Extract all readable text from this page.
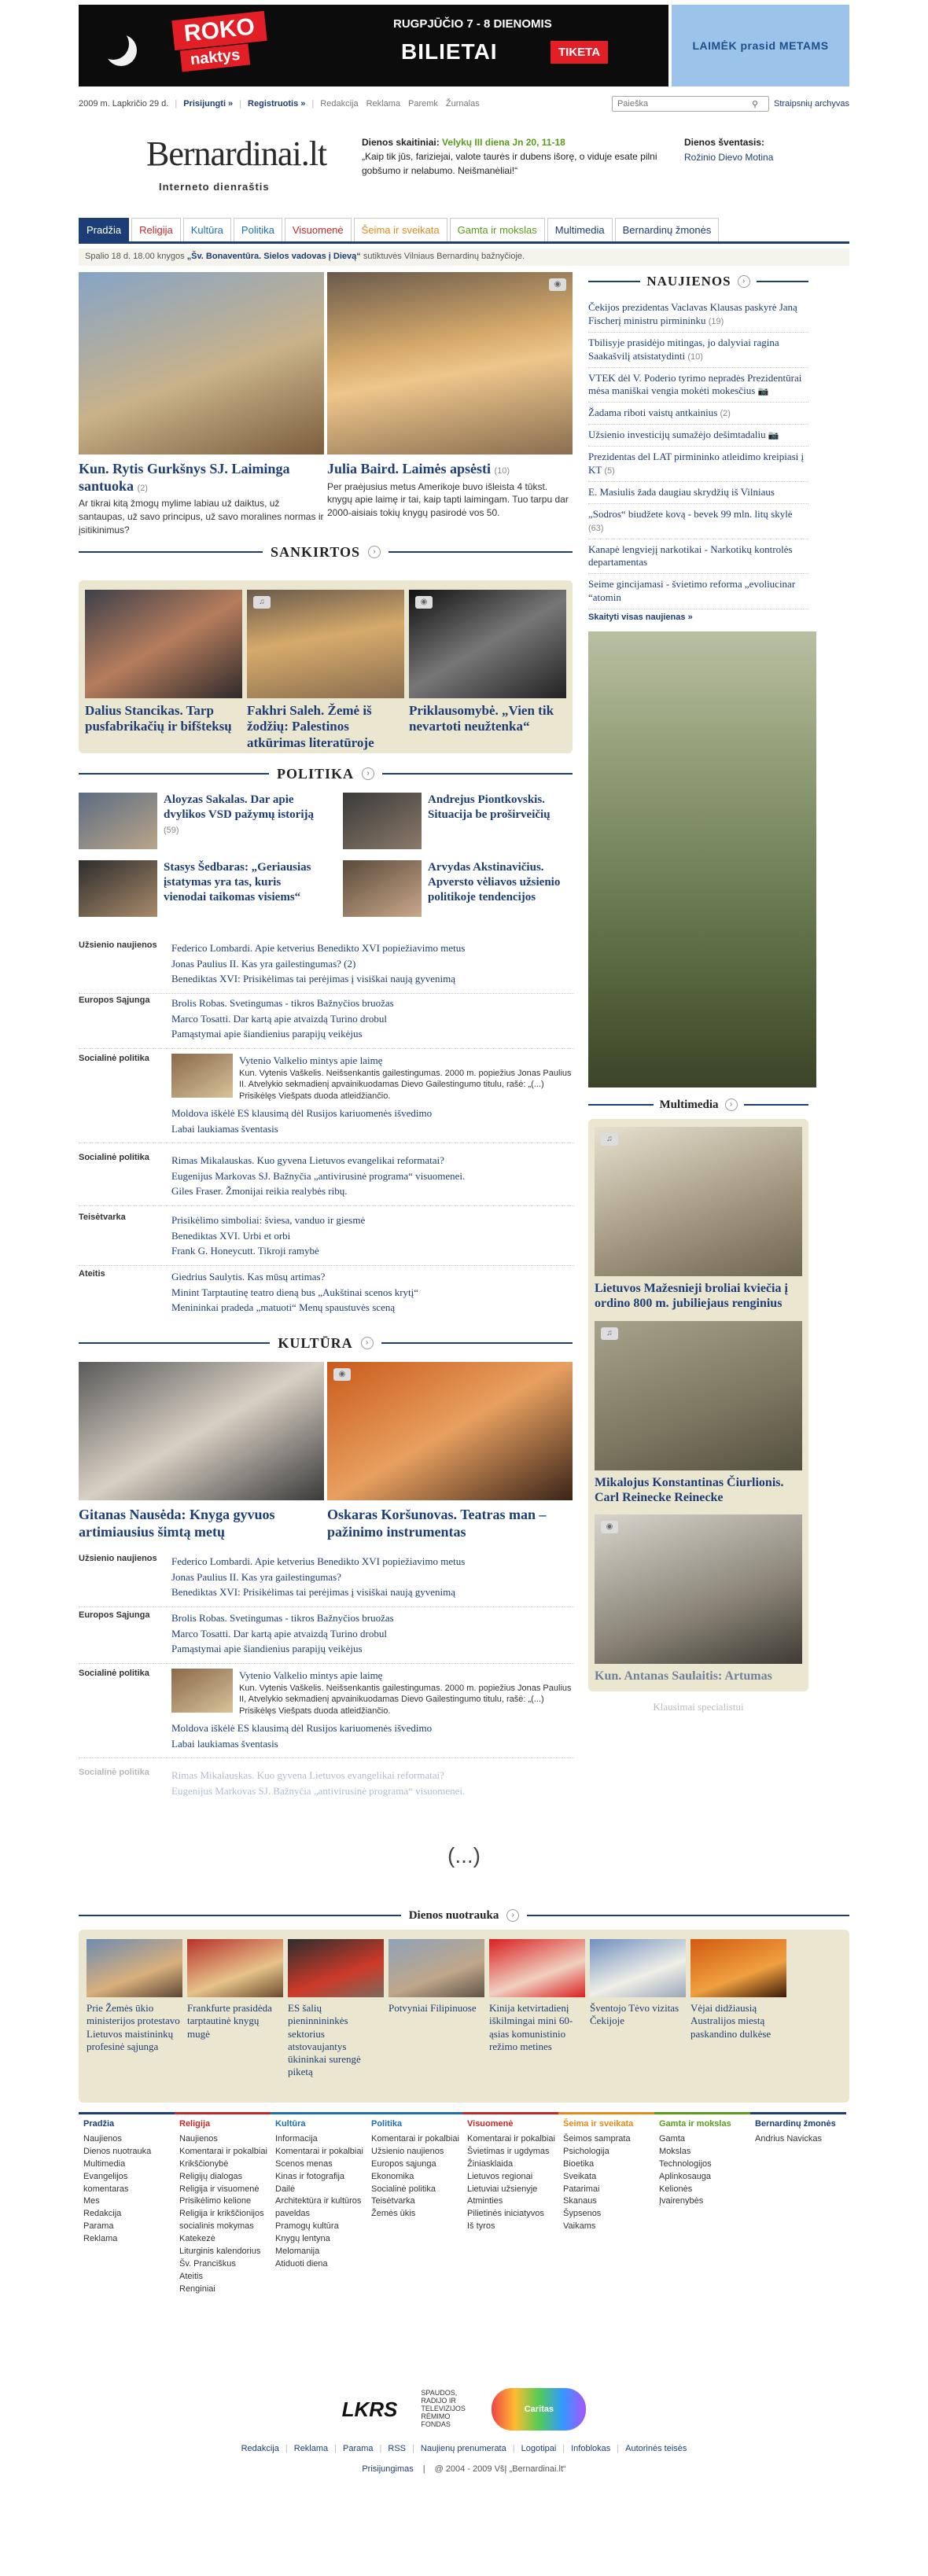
ROKO
naktys
RUGPJŪČIO 7 - 8 DIENOMIS
BILIETAI	TIKETA	LAIMĖK prasid METAMS
2009 m. Lapkričio 29 d. | Prisijungti » | Registruotis » | Redakcija Reklama Paremk Žurnalas
Paieška	⚲ Straipsnių archyvas
Bernardinai.lt
Interneto dienraštis
Dienos skaitiniai: Velykų III diena Jn 20, 11-18
„Kaip tik jūs, fariziejai, valote taurės ir dubens išorę, o viduje esate pilni gobšumo ir nelabumo. Neišmanėliai!“
Dienos šventasis:
Rožinio Dievo Motina
Pradžia	Religija	Kultūra	Politika	Visuomenė	Šeima ir sveikata	Gamta ir mokslas	Multimedia	Bernardinų žmonės
Spalio 18 d. 18.00 knygos „Šv. Bonaventūra. Sielos vadovas į Dievą“ sutiktuvės Vilniaus Bernardinų bažnyčioje.
Kun. Rytis Gurkšnys SJ. Laiminga santuoka (2)
Ar tikrai kitą žmogų mylime labiau už daiktus, už santaupas, už savo principus, už savo moralines normas ir įsitikinimus?
◉
Julia Baird. Laimės apsėsti (10)
Per praėjusius metus Amerikoje buvo išleista 4 tūkst. knygų apie laimę ir tai, kaip tapti laimingam. Tuo tarpu dar 2000-aisiais tokių knygų pasirodė vos 50.
SANKIRTOS	›
Dalius Stancikas. Tarp pusfabrikačių ir bifšteksų
♫
Fakhri Saleh. Žemė iš žodžių: Palestinos atkūrimas literatūroje
◉
Priklausomybė. „Vien tik nevartoti neužtenka“
POLITIKA	›
Aloyzas Sakalas. Dar apie dvylikos VSD pažymų istoriją (59)
Andrejus Piontkovskis. Situacija be proširveičių
Stasys Šedbaras: „Geriausias įstatymas yra tas, kuris vienodai taikomas visiems“
Arvydas Akstinavičius. Apversto vėliavos užsienio politikoje tendencijos
Užsienio naujienos	Federico Lombardi. Apie ketverius Benedikto XVI popiežiavimo metus
Jonas Paulius II. Kas yra gailestingumas? (2)
Benediktas XVI: Prisikėlimas tai perėjimas į visiškai naują gyvenimą
Europos Sąjunga	Brolis Robas. Svetingumas - tikros Bažnyčios bruožas
Marco Tosatti. Dar kartą apie atvaizdą Turino drobul
Pamąstymai apie šiandienius parapijų veikėjus
Socialinė politika	Vytenio Valkelio mintys apie laimę
Kun. Vytenis Vaškelis. Neišsenkantis gailestingumas. 2000 m. popiežius Jonas Paulius II. Atvelykio sekmadienį apvainikuodamas Dievo Gailestingumo titulu, rašė: „(...) Prisikėlęs Viešpats duoda atleidžiančio.
Moldova iškėlė ES klausimą dėl Rusijos kariuomenės išvedimo
Labai laukiamas šventasis
Socialinė politika	Rimas Mikalauskas. Kuo gyvena Lietuvos evangelikai reformatai?
Eugenijus Markovas SJ. Bažnyčia „antivirusinė programa“ visuomenei.
Giles Fraser. Žmonijai reikia realybės ribų.
Teisėtvarka	Prisikėlimo simboliai: šviesa, vanduo ir giesmė
Benediktas XVI. Urbi et orbi
Frank G. Honeycutt. Tikroji ramybė
Ateitis	Giedrius Saulytis. Kas mūsų artimas?
Minint Tarptautinę teatro dieną bus „Aukštinai scenos krytį“
Menininkai pradeda „matuoti“ Menų spaustuvės sceną
KULTŪRA	›
Gitanas Nausėda: Knyga gyvuos artimiausius šimtą metų
◉
Oskaras Koršunovas. Teatras man – pažinimo instrumentas
Užsienio naujienos	Federico Lombardi. Apie ketverius Benedikto XVI popiežiavimo metus
Jonas Paulius II. Kas yra gailestingumas?
Benediktas XVI: Prisikėlimas tai perėjimas į visiškai naują gyvenimą
Europos Sąjunga	Brolis Robas. Svetingumas - tikros Bažnyčios bruožas
Marco Tosatti. Dar kartą apie atvaizdą Turino drobul
Pamąstymai apie šiandienius parapijų veikėjus
Socialinė politika	Vytenio Valkelio mintys apie laimę
Kun. Vytenis Vaškelis. Neišsenkantis gailestingumas. 2000 m. popiežius Jonas Paulius II, Atvelykio sekmadienį apvainikuodamas Dievo Gailestingumo titulu, rašė: „(...) Prisikėlęs Viešpats duoda atleidžiančio.
Moldova iškėlė ES klausimą dėl Rusijos kariuomenės išvedimo
Labai laukiamas šventasis
Socialinė politika	Rimas Mikalauskas. Kuo gyvena Lietuvos evangelikai reformatai?
Eugenijus Markovas SJ. Bažnyčia „antivirusinė programa“ visuomenei.
NAUJIENOS	›
Čekijos prezidentas Vaclavas Klausas paskyrė Janą Fischerį ministru pirmininku (19)
Tbilisyje prasidėjo mitingas, jo dalyviai ragina Saakašvilį atsistatydinti (10)
VTEK dėl V. Poderio tyrimo nepradės Prezidentūrai mėsa maniškai vengia mokėti mokesčius 📷
Žadama riboti vaistų antkainius (2)
Užsienio investicijų sumažėjo dešimtadaliu 📷
Prezidentas del LAT pirmininko atleidimo kreipiasi į KT (5)
E. Masiulis žada daugiau skrydžių iš Vilniaus
„Sodros“ biudžete kovą - bevek 99 mln. litų skylė (63)
Kanapė lengviejį narkotikai - Narkotikų kontrolės departamentas
Seime gincijamasi - švietimo reforma „evoliucinar “atomin
Skaityti visas naujienas »
Multimedia	›
♫
Lietuvos Mažesnieji broliai kviečia į ordino 800 m. jubiliejaus renginius
♫
Mikalojus Konstantinas Čiurlionis. Carl Reinecke Reinecke
◉
Kun. Antanas Saulaitis: Artumas
Klausimai specialistui
(...)
Dienos nuotrauka	›
Prie Žemės ūkio ministerijos protestavo Lietuvos maistininkų profesinė sąjunga
Frankfurte prasidėda tarptautinė knygų mugė
ES šalių pieninnininkės sektorius atstovaujantys ūkininkai surengė piketą
Potvyniai Filipinuose	Kinija ketvirtadienį iškilmingai mini 60-ąsias komunistinio režimo metines
Šventojo Tėvo vizitas Čekijoje
Vėjai didžiausią Australijos miestą paskandino dulkėse
Pradžia
Naujienos
Dienos nuotrauka
Multimedia
Evangelijos komentaras
Mes
Redakcija
Parama
Reklama
Religija
Naujienos
Komentarai ir pokalbiai
Krikščionybė
Religijų dialogas
Religija ir visuomenė
Prisikėlimo kelione
Religija ir krikščionijos
socialinis mokymas
Katekezė
Liturginis kalendorius
Šv. Pranciškus
Ateitis
Renginiai
Kultūra
Informacija
Komentarai ir pokalbiai
Scenos menas
Kinas ir fotografija
Dailė
Architektūra ir kultūros paveldas
Pramogų kultūra
Knygų lentyna
Melomanija
Atiduoti diena
Politika
Komentarai ir pokalbiai
Užsienio naujienos
Europos sąjunga
Ekonomika
Socialinė politika
Teisėtvarka
Žemės ūkis
Visuomenė
Komentarai ir pokalbiai
Švietimas ir ugdymas
Žiniasklaida
Lietuvos regionai
Lietuviai užsienyje
Atminties
Pilietinės iniciatyvos
Iš tyros
Šeima ir sveikata
Šeimos samprata
Psichologija
Bioetika
Sveikata
Patarimai
Skanaus
Šypsenos
Vaikams
Gamta ir mokslas
Gamta
Mokslas
Technologijos
Aplinkosauga
Kelionės
Įvairenybės
Bernardinų žmonės
Andrius Navickas
LKRS
SPAUDOS, RADIJO IR TELEVIZIJOS RĖMIMO FONDAS
Caritas
Redakcija | Reklama | Parama | RSS | Naujienų prenumerata | Logotipai | Infoblokas | Autorinės teisės
Prisijungimas | @ 2004 - 2009 VšĮ „Bernardinai.lt“
